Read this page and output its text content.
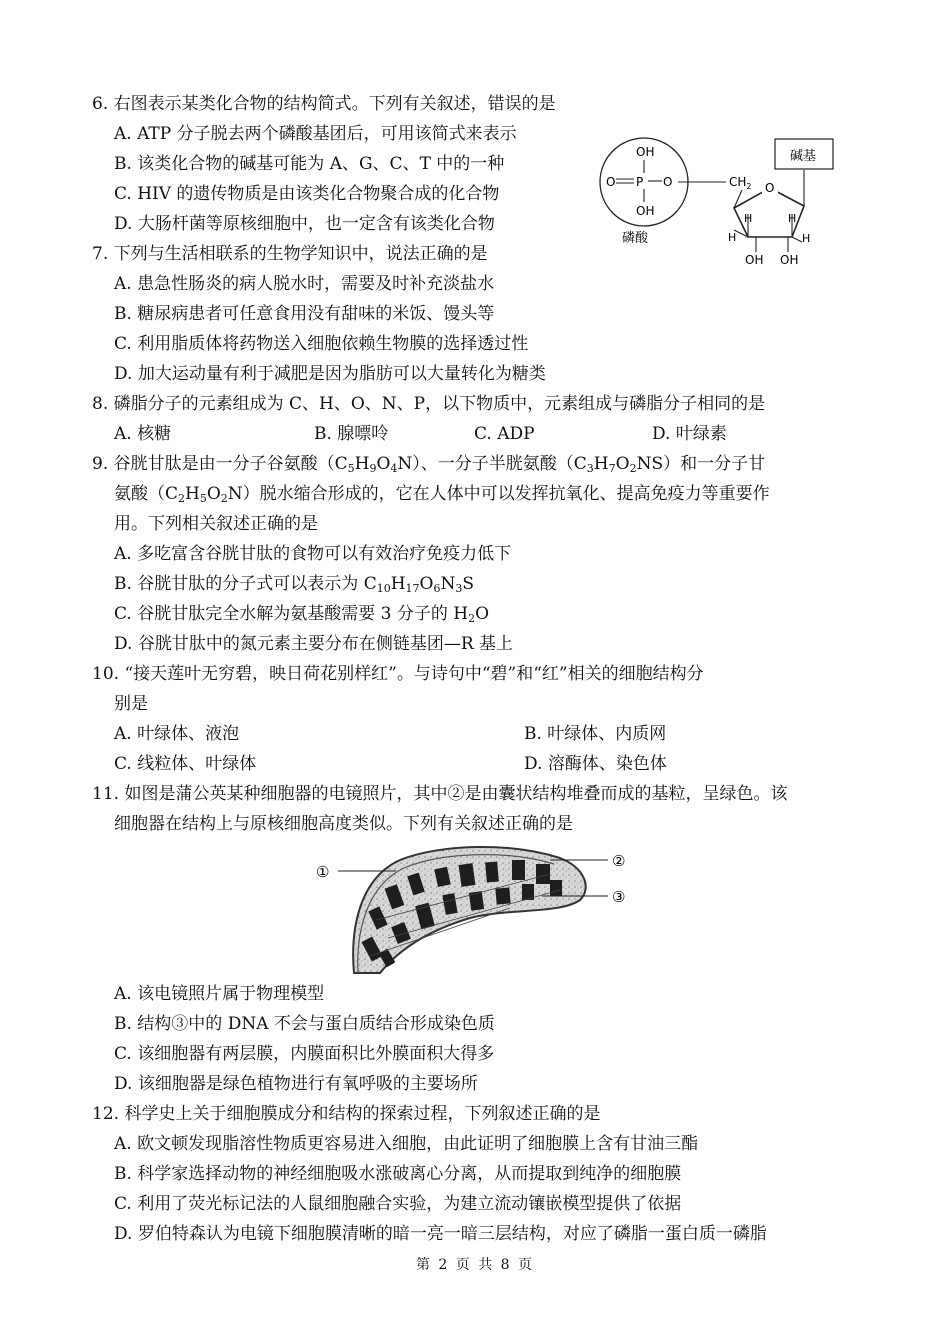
6. 右图表示某类化合物的结构简式。下列有关叙述，错误的是
A. ATP 分子脱去两个磷酸基团后，可用该简式来表示
B. 该类化合物的碱基可能为 A、G、C、T 中的一种
C. HIV 的遗传物质是由该类化合物聚合成的化合物
D. 大肠杆菌等原核细胞中，也一定含有该类化合物
OH
O P O
OH
磷酸
$CH_2$ O
碱基
H
H
H
H
OH OH
7. 下列与生活相联系的生物学知识中，说法正确的是
A. 患急性肠炎的病人脱水时，需要及时补充淡盐水
B. 糖尿病患者可任意食用没有甜味的米饭、馒头等
C. 利用脂质体将药物送入细胞依赖生物膜的选择透过性
D. 加大运动量有利于减肥是因为脂肪可以大量转化为糖类
8. 磷脂分子的元素组成为 C、H、O、N、P，以下物质中，元素组成与磷脂分子相同的是
A. 核糖	B. 腺嘌呤	C. ADP	D. 叶绿素
9. 谷胱甘肽是由一分子谷氨酸$(C_5H_9O_4N)$、一分子半胱氨酸$(C_3H_7O_2NS)$和一分子甘
氨酸$(C_2H_5O_2N)$脱水缩合形成的，它在人体中可以发挥抗氧化、提高免疫力等重要作
用。下列相关叙述正确的是
A. 多吃富含谷胱甘肽的食物可以有效治疗免疫力低下
B. 谷胱甘肽的分子式可以表示为 $C_{10}H_{17}O_6N_3S$
C. 谷胱甘肽完全水解为氨基酸需要 3 分子的 $H_2O$
D. 谷胱甘肽中的氮元素主要分布在侧链基团—R 基上
10. “接天莲叶无穷碧，映日荷花别样红”。与诗句中“碧”和“红”相关的细胞结构分
别是
A. 叶绿体、液泡	B. 叶绿体、内质网
C. 线粒体、叶绿体	D. 溶酶体、染色体
11. 如图是蒲公英某种细胞器的电镜照片，其中②是由囊状结构堆叠而成的基粒，呈绿色。该
细胞器在结构上与原核细胞高度类似。下列有关叙述正确的是
①
②
③
A. 该电镜照片属于物理模型
B. 结构③中的 DNA 不会与蛋白质结合形成染色质
C. 该细胞器有两层膜，内膜面积比外膜面积大得多
D. 该细胞器是绿色植物进行有氧呼吸的主要场所
12. 科学史上关于细胞膜成分和结构的探索过程，下列叙述正确的是
A. 欧文顿发现脂溶性物质更容易进入细胞，由此证明了细胞膜上含有甘油三酯
B. 科学家选择动物的神经细胞吸水涨破离心分离，从而提取到纯净的细胞膜
C. 利用了荧光标记法的人鼠细胞融合实验，为建立流动镶嵌模型提供了依据
D. 罗伯特森认为电镜下细胞膜清晰的暗一亮一暗三层结构，对应了磷脂一蛋白质一磷脂
第 2 页 共 8 页
